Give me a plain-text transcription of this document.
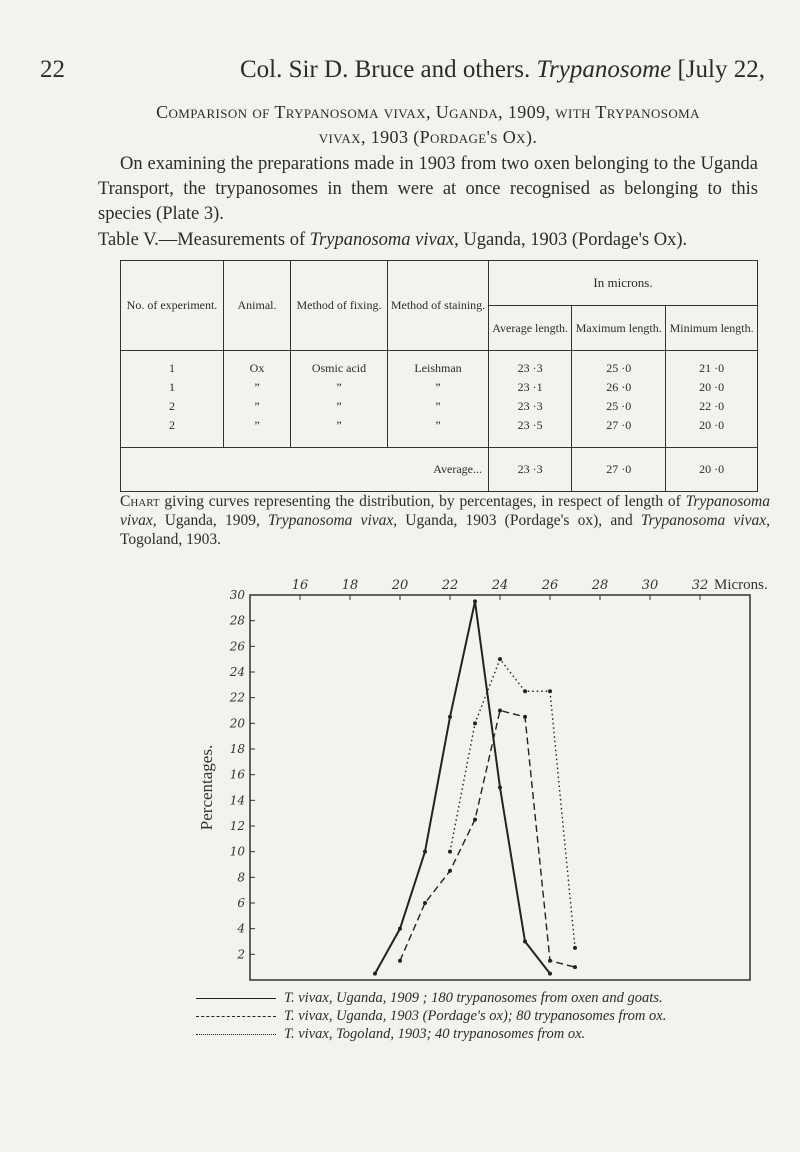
22	Col. Sir D. Bruce and others. Trypanosome [July 22,
Comparison of Trypanosoma vivax, Uganda, 1909, with Trypanosoma
vivax, 1903 (Pordage's Ox).
On examining the preparations made in 1903 from two oxen belonging to the Uganda Transport, the trypanosomes in them were at once recognised as belonging to this species (Plate 3).
Table V.—Measurements of Trypanosoma vivax, Uganda, 1903 (Pordage's Ox).
No. of experiment.	Animal.	Method of fixing.	Method of staining.	In microns.		
				Average length.	Maximum length.	Minimum length.
1	Ox	Osmic acid	Leishman	23 ·3	25 ·0	21 ·0
1	”	”	”	23 ·1	26 ·0	20 ·0
2	”	”	”	23 ·3	25 ·0	22 ·0
2	”	”	”	23 ·5	27 ·0	20 ·0
Average...				23 ·3	27 ·0	20 ·0
Chart giving curves representing the distribution, by percentages, in respect of length of Trypanosoma vivax, Uganda, 1909, Trypanosoma vivax, Uganda, 1903 (Pordage's ox), and Trypanosoma vivax, Togoland, 1903.
16	18	20	22	24	26	28	30	32 Microns.
2
4
6
8
10
12
14
16
18
20
22
24
26
28
30
Percentages.
T. vivax, Uganda, 1909 ; 180 trypanosomes from oxen and goats.
T. vivax, Uganda, 1903 (Pordage's ox); 80 trypanosomes from ox.
T. vivax, Togoland, 1903; 40 trypanosomes from ox.
